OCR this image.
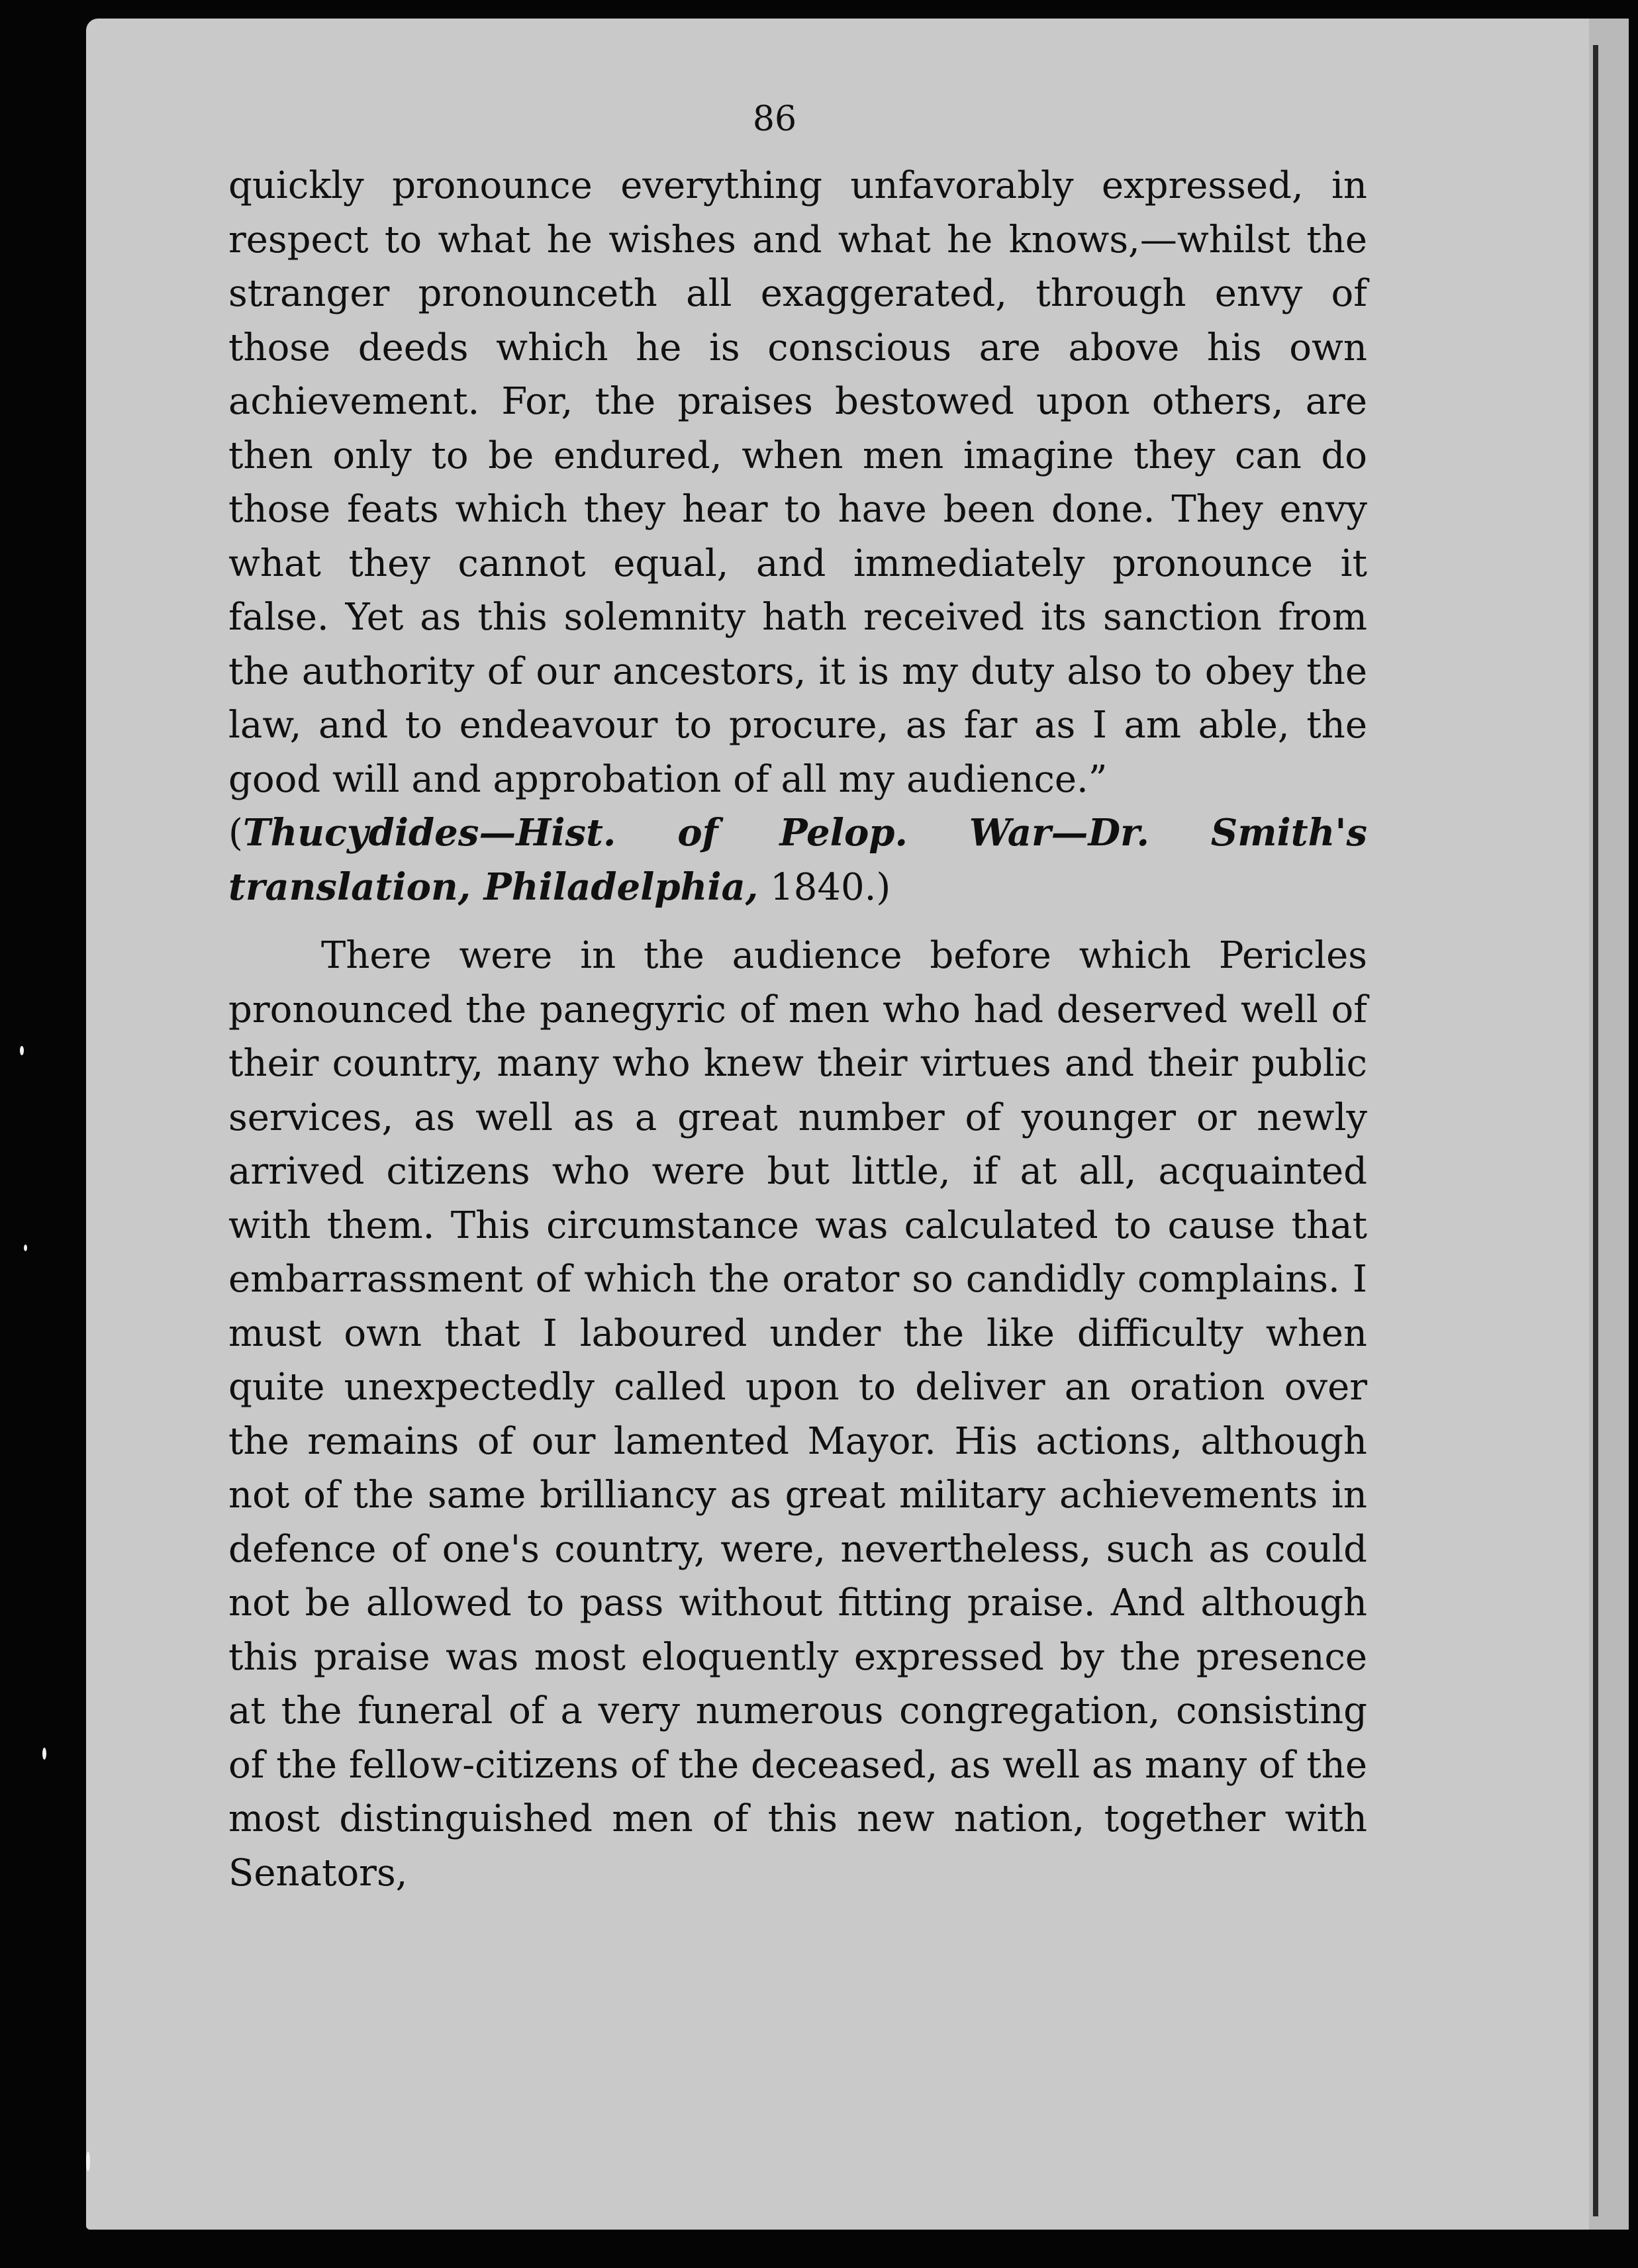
86

quickly pronounce everything unfavorably expressed, in respect to what he wishes and what he knows,—whilst the stranger pronounceth all exaggerated, through envy of those deeds which he is conscious are above his own achievement. For, the praises bestowed upon others, are then only to be endured, when men imagine they can do those feats which they hear to have been done. They envy what they cannot equal, and immediately pronounce it false. Yet as this solemnity hath received its sanction from the authority of our ancestors, it is my duty also to obey the law, and to endeavour to procure, as far as I am able, the good will and approbation of all my audience.”

(Thucydides—Hist. of Pelop. War—Dr. Smith's translation, Philadelphia, 1840.)

There were in the audience before which Pericles pronounced the panegyric of men who had deserved well of their country, many who knew their virtues and their public services, as well as a great number of younger or newly arrived citizens who were but little, if at all, acquainted with them. This circumstance was calculated to cause that embarrassment of which the orator so candidly complains. I must own that I laboured under the like difficulty when quite unexpectedly called upon to deliver an oration over the remains of our lamented Mayor. His actions, although not of the same brilliancy as great military achievements in defence of one's country, were, nevertheless, such as could not be allowed to pass without fitting praise. And although this praise was most eloquently expressed by the presence at the funeral of a very numerous congregation, consisting of the fellow-citizens of the deceased, as well as many of the most distinguished men of this new nation, together with Senators,
